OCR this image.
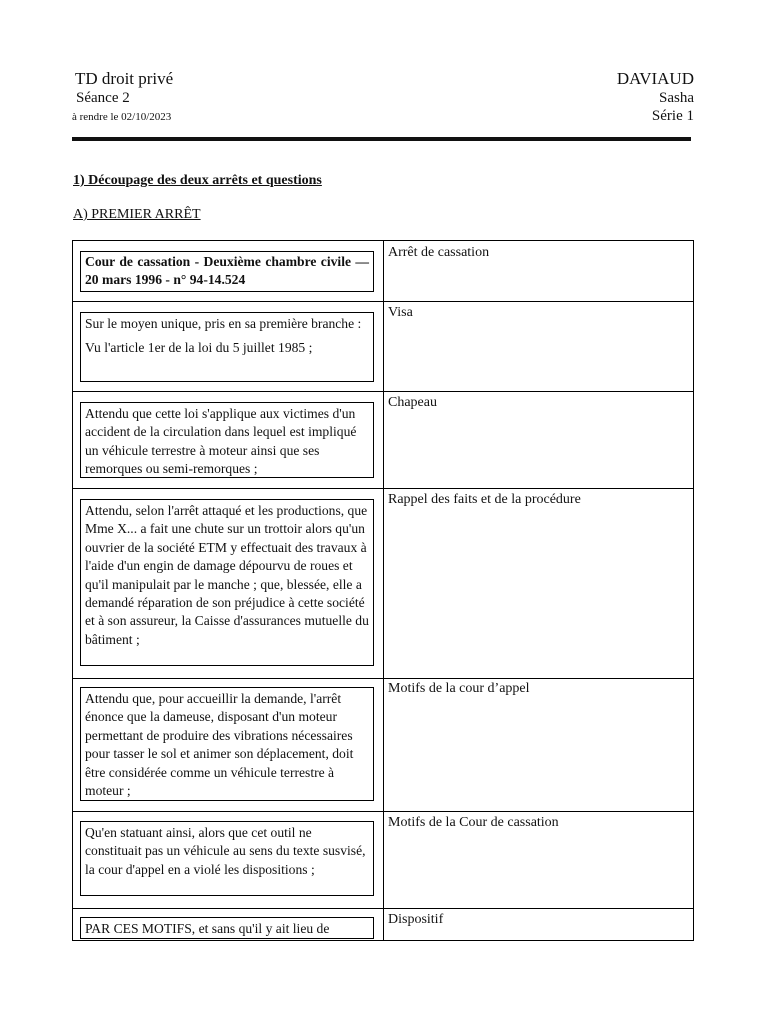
TD droit privé
Séance 2
à rendre le 02/10/2023
DAVIAUD
Sasha
Série 1
1) Découpage des deux arrêts et questions
A) PREMIER ARRÊT

Cour de cassation - Deuxième chambre civile — 20 mars 1996 - n° 94-14.524

Arrêt de cassation

Sur le moyen unique, pris en sa première branche :

Vu l'article 1er de la loi du 5 juillet 1985 ;

Visa

Attendu que cette loi s'applique aux victimes d'un accident de la circulation dans lequel est impliqué un véhicule terrestre à moteur ainsi que ses remorques ou semi-remorques ;

Chapeau

Attendu, selon l'arrêt attaqué et les productions, que Mme X... a fait une chute sur un trottoir alors qu'un ouvrier de la société ETM y effectuait des travaux à l'aide d'un engin de damage dépourvu de roues et qu'il manipulait par le manche ; que, blessée, elle a demandé réparation de son préjudice à cette société et à son assureur, la Caisse d'assurances mutuelle du bâtiment ;

Rappel des faits et de la procédure

Attendu que, pour accueillir la demande, l'arrêt énonce que la dameuse, disposant d'un moteur permettant de produire des vibrations nécessaires pour tasser le sol et animer son déplacement, doit être considérée comme un véhicule terrestre à moteur ;

Motifs de la cour d’appel

Qu'en statuant ainsi, alors que cet outil ne constituait pas un véhicule au sens du texte susvisé, la cour d'appel en a violé les dispositions ;

Motifs de la Cour de cassation

PAR CES MOTIFS, et sans qu'il y ait lieu de

Dispositif
